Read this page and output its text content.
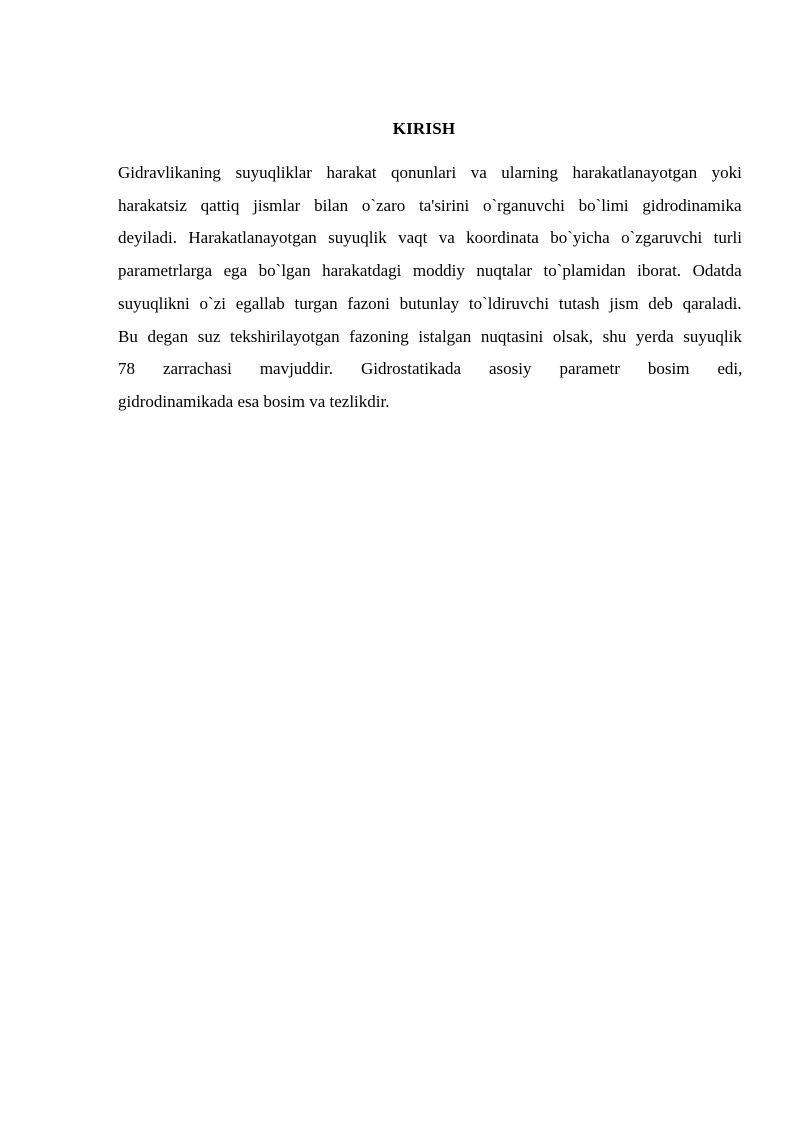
KIRISH
Gidravlikaning suyuqliklar harakat qonunlari va ularning harakatlanayotgan yoki
harakatsiz qattiq jismlar bilan o`zaro ta'sirini o`rganuvchi bo`limi gidrodinamika
deyiladi. Harakatlanayotgan suyuqlik vaqt va koordinata bo`yicha o`zgaruvchi turli
parametrlarga ega bo`lgan harakatdagi moddiy nuqtalar to`plamidan iborat. Odatda
suyuqlikni o`zi egallab turgan fazoni butunlay to`ldiruvchi tutash jism deb qaraladi.
Bu degan suz tekshirilayotgan fazoning istalgan nuqtasini olsak, shu yerda suyuqlik
78 zarrachasi mavjuddir. Gidrostatikada asosiy parametr bosim edi,
gidrodinamikada esa bosim va tezlikdir.
